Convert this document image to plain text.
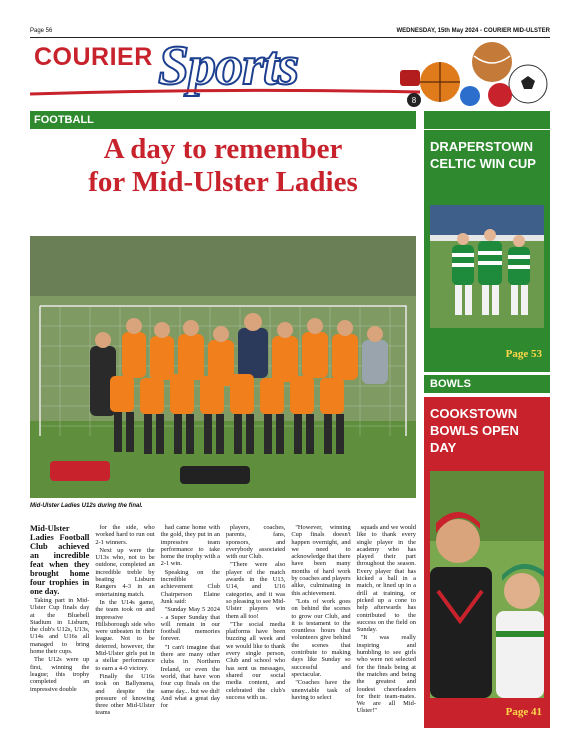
Page 56	WEDNESDAY, 15th May 2024 - COURIER MID-ULSTER
COURIER Sports
8
FOOTBALL
A day to remember
for Mid-Ulster Ladies
Mid-Ulster Ladies U12s during the final.

Mid-Ulster Ladies Football Club achieved an incredible feat when they brought home four trophies in one day.

Taking part in Mid-Ulster Cup finals day at the Bluebell Stadium in Lisburn, the club's U12s, U13s, U14s and U16s all managed to bring home their cups.

The U12s were up first, winning the league; this trophy completed an impressive double

for the side, who worked hard to run out 2-1 winners.

Next up were the U13s who, not to be outdone, completed an incredible treble by beating Lisburn Rangers 4-3 in an entertaining match.

In the U14s game, the team took on and impressive Hillsborough side who were unbeaten in their league. Not to be deterred, however, the Mid-Ulster girls put in a stellar performance to earn a 4-0 victory.

Finally the U16s took on Ballymena, and despite the pressure of knowing three other Mid-Ulster teams

had came home with the gold, they put in an impressive team performance to take home the trophy with a 2-1 win.

Speaking on the incredible achievement Club Chairperson Elaine Junk said:

"Sunday May 5 2024 - a Super Sunday that will remain in our football memories forever.

"I can't imagine that there are many other clubs in Northern Ireland, or even the world, that have won four cup finals on the same day... but we did! And what a great day for

players, coaches, parents, fans, sponsors, and everybody associated with our Club.

"There were also player of the match awards in the U13, U14, and U16 categories, and it was so pleasing to see Mid-Ulster players win them all too!

"The social media platforms have been buzzing all week and we would like to thank every single person, Club and school who has sent us messages, shared our social media content, and celebrated the club's success with us.

"However, winning Cup finals doesn't happen overnight, and we need to acknowledge that there have been many months of hard work by coaches and players alike, culminating in this achievement.

"Lots of work goes on behind the scenes to grow our Club, and it is testament to the countless hours that volunteers give behind the scenes that contribute to making days like Sunday so successful and spectacular.

"Coaches have the unenviable task of having to select

squads and we would like to thank every single player in the academy who has played their part throughout the season. Every player that has kicked a ball in a match, or lined up in a drill at training, or picked up a cone to help afterwards has contributed to the success on the field on Sunday.

"It was really inspiring and humbling to see girls who were not selected for the finals being at the matches and being the greatest and loudest cheerleaders for their team-mates. We are all Mid-Ulster!"

DRAPERSTOWN CELTIC WIN CUP
Page 53
BOWLS
COOKSTOWN BOWLS OPEN DAY
Page 41
